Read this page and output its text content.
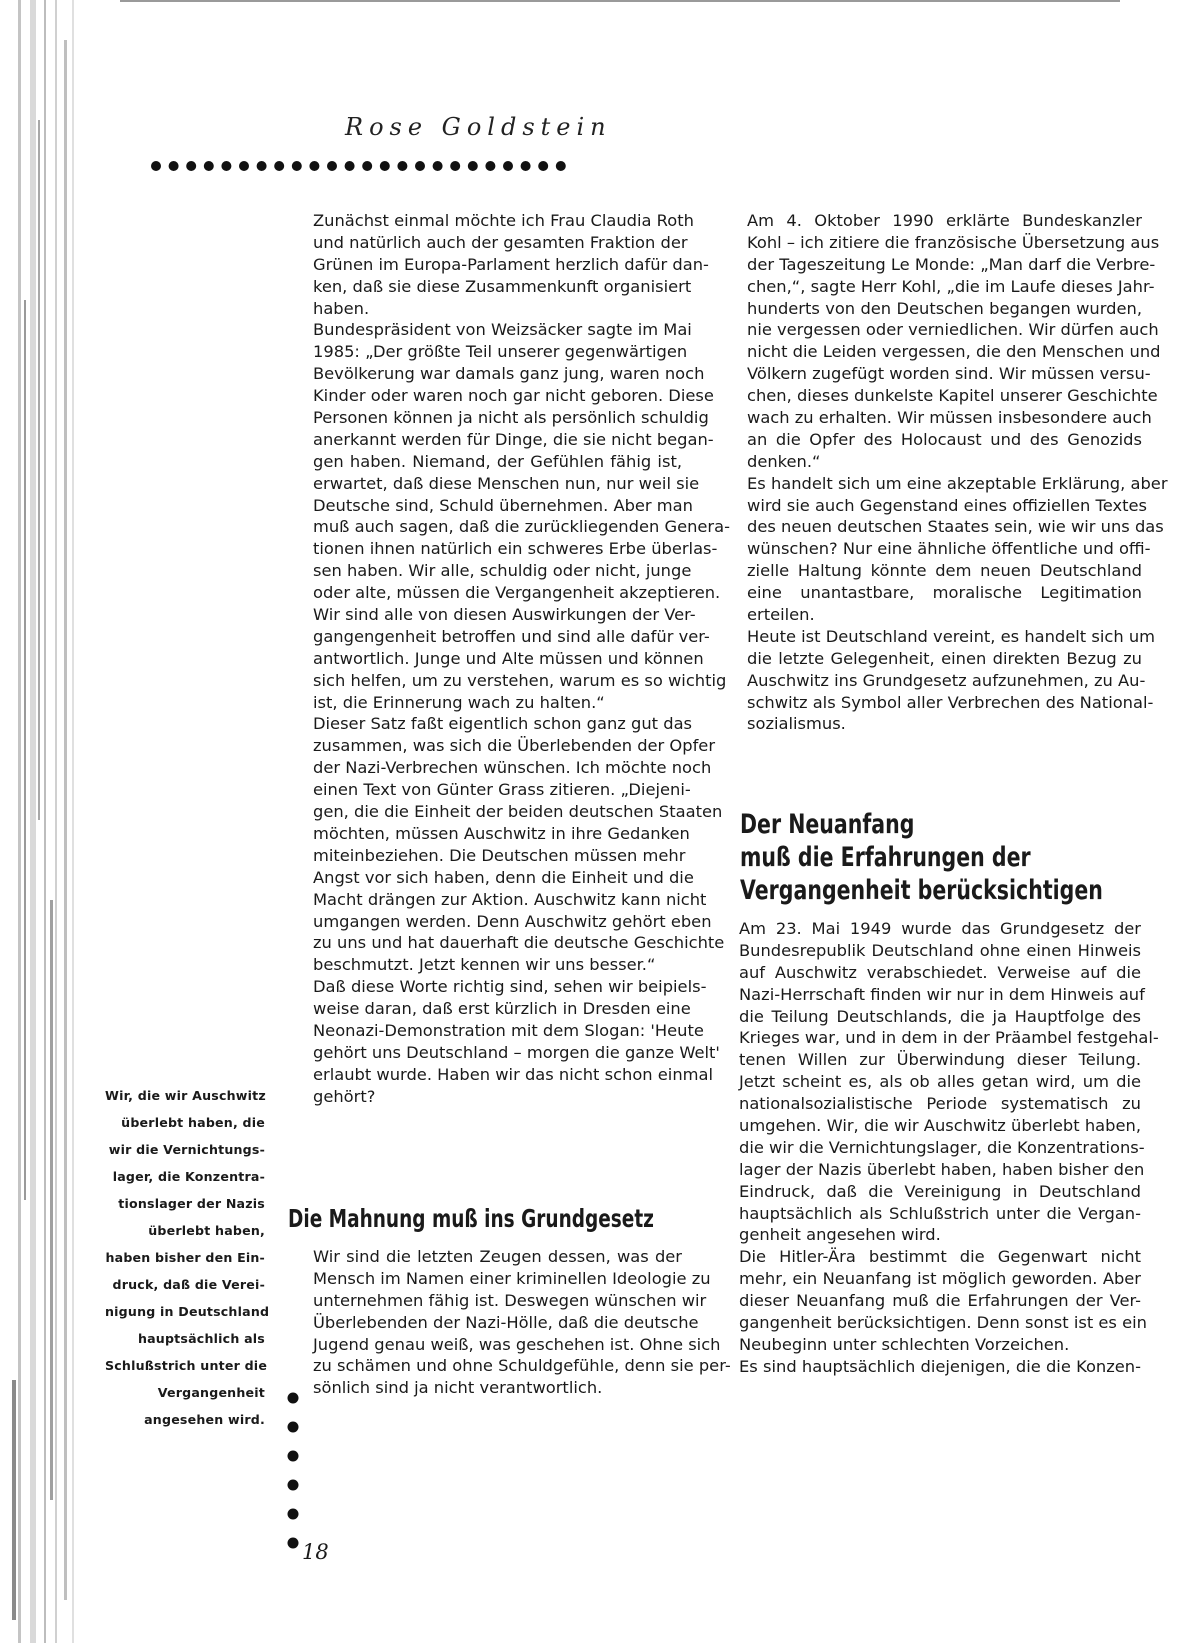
Rose Goldstein
Zunächst einmal möchte ich Frau Claudia Roth
und natürlich auch der gesamten Fraktion der
Grünen im Europa-Parlament herzlich dafür dan-
ken, daß sie diese Zusammenkunft organisiert
haben.
Bundespräsident von Weizsäcker sagte im Mai
1985: „Der größte Teil unserer gegenwärtigen
Bevölkerung war damals ganz jung, waren noch
Kinder oder waren noch gar nicht geboren. Diese
Personen können ja nicht als persönlich schuldig
anerkannt werden für Dinge, die sie nicht began-
gen haben. Niemand, der Gefühlen fähig ist,
erwartet, daß diese Menschen nun, nur weil sie
Deutsche sind, Schuld übernehmen. Aber man
muß auch sagen, daß die zurückliegenden Genera-
tionen ihnen natürlich ein schweres Erbe überlas-
sen haben. Wir alle, schuldig oder nicht, junge
oder alte, müssen die Vergangenheit akzeptieren.
Wir sind alle von diesen Auswirkungen der Ver-
gangengenheit betroffen und sind alle dafür ver-
antwortlich. Junge und Alte müssen und können
sich helfen, um zu verstehen, warum es so wichtig
ist, die Erinnerung wach zu halten.“
Dieser Satz faßt eigentlich schon ganz gut das
zusammen, was sich die Überlebenden der Opfer
der Nazi-Verbrechen wünschen. Ich möchte noch
einen Text von Günter Grass zitieren. „Diejeni-
gen, die die Einheit der beiden deutschen Staaten
möchten, müssen Auschwitz in ihre Gedanken
miteinbeziehen. Die Deutschen müssen mehr
Angst vor sich haben, denn die Einheit und die
Macht drängen zur Aktion. Auschwitz kann nicht
umgangen werden. Denn Auschwitz gehört eben
zu uns und hat dauerhaft die deutsche Geschichte
beschmutzt. Jetzt kennen wir uns besser.“
Daß diese Worte richtig sind, sehen wir beipiels-
weise daran, daß erst kürzlich in Dresden eine
Neonazi-Demonstration mit dem Slogan: 'Heute
gehört uns Deutschland – morgen die ganze Welt'
erlaubt wurde. Haben wir das nicht schon einmal
gehört?
Die Mahnung muß ins Grundgesetz
Wir sind die letzten Zeugen dessen, was der
Mensch im Namen einer kriminellen Ideologie zu
unternehmen fähig ist. Deswegen wünschen wir
Überlebenden der Nazi-Hölle, daß die deutsche
Jugend genau weiß, was geschehen ist. Ohne sich
zu schämen und ohne Schuldgefühle, denn sie per-
sönlich sind ja nicht verantwortlich.
Am 4. Oktober 1990 erklärte Bundeskanzler
Kohl – ich zitiere die französische Übersetzung aus
der Tageszeitung Le Monde: „Man darf die Verbre-
chen,“, sagte Herr Kohl, „die im Laufe dieses Jahr-
hunderts von den Deutschen begangen wurden,
nie vergessen oder verniedlichen. Wir dürfen auch
nicht die Leiden vergessen, die den Menschen und
Völkern zugefügt worden sind. Wir müssen versu-
chen, dieses dunkelste Kapitel unserer Geschichte
wach zu erhalten. Wir müssen insbesondere auch
an die Opfer des Holocaust und des Genozids
denken.“
Es handelt sich um eine akzeptable Erklärung, aber
wird sie auch Gegenstand eines offiziellen Textes
des neuen deutschen Staates sein, wie wir uns das
wünschen? Nur eine ähnliche öffentliche und offi-
zielle Haltung könnte dem neuen Deutschland
eine unantastbare, moralische Legitimation
erteilen.
Heute ist Deutschland vereint, es handelt sich um
die letzte Gelegenheit, einen direkten Bezug zu
Auschwitz ins Grundgesetz aufzunehmen, zu Au-
schwitz als Symbol aller Verbrechen des National-
sozialismus.
Der Neuanfang
muß die Erfahrungen der
Vergangenheit berücksichtigen
Am 23. Mai 1949 wurde das Grundgesetz der
Bundesrepublik Deutschland ohne einen Hinweis
auf Auschwitz verabschiedet. Verweise auf die
Nazi-Herrschaft finden wir nur in dem Hinweis auf
die Teilung Deutschlands, die ja Hauptfolge des
Krieges war, und in dem in der Präambel festgehal-
tenen Willen zur Überwindung dieser Teilung.
Jetzt scheint es, als ob alles getan wird, um die
nationalsozialistische Periode systematisch zu
umgehen. Wir, die wir Auschwitz überlebt haben,
die wir die Vernichtungslager, die Konzentrations-
lager der Nazis überlebt haben, haben bisher den
Eindruck, daß die Vereinigung in Deutschland
hauptsächlich als Schlußstrich unter die Vergan-
genheit angesehen wird.
Die Hitler-Ära bestimmt die Gegenwart nicht
mehr, ein Neuanfang ist möglich geworden. Aber
dieser Neuanfang muß die Erfahrungen der Ver-
gangenheit berücksichtigen. Denn sonst ist es ein
Neubeginn unter schlechten Vorzeichen.
Es sind hauptsächlich diejenigen, die die Konzen-
Wir, die wir Auschwitz
überlebt haben, die
wir die Vernichtungs-
lager, die Konzentra-
tionslager der Nazis
überlebt haben,
haben bisher den Ein-
druck, daß die Verei-
nigung in Deutschland
hauptsächlich als
Schlußstrich unter die
Vergangenheit
angesehen wird.
18
